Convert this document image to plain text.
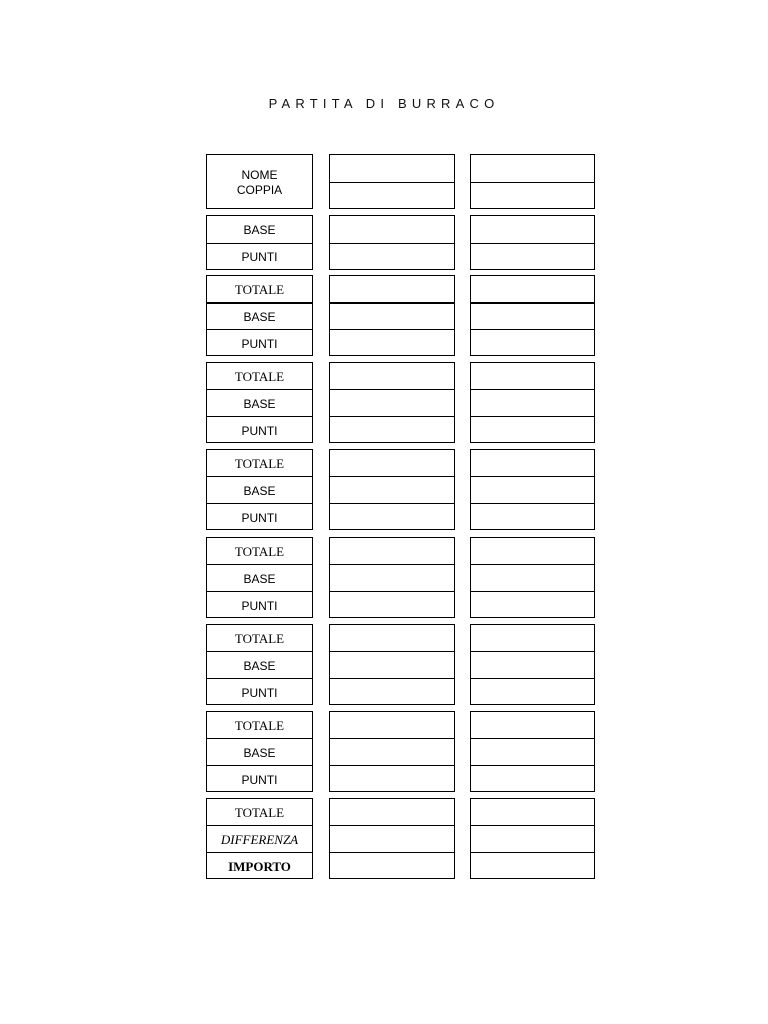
PARTITA DI BURRACO
NOME
COPPIA
BASE
PUNTI
TOTALE
BASE
PUNTI
TOTALE
BASE
PUNTI
TOTALE
BASE
PUNTI
TOTALE
BASE
PUNTI
TOTALE
BASE
PUNTI
TOTALE
BASE
PUNTI
TOTALE
DIFFERENZA
IMPORTO
